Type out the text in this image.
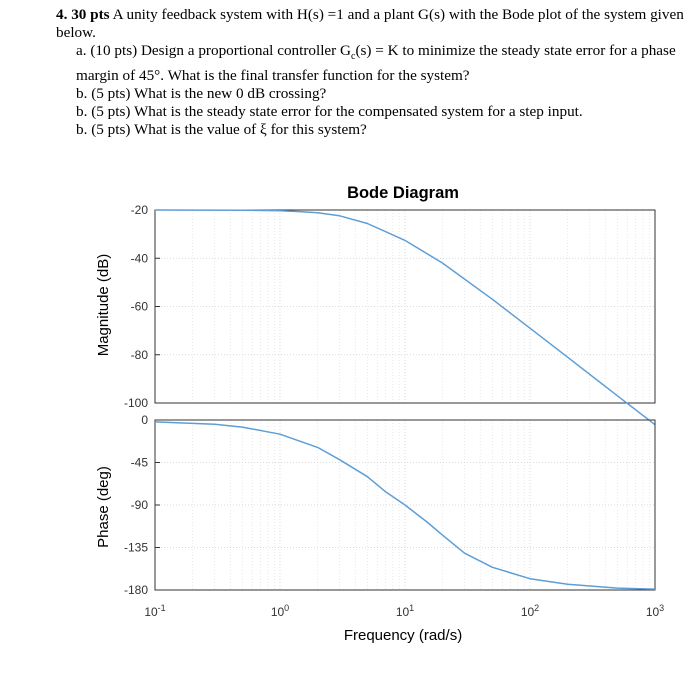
4. 30 pts A unity feedback system with H(s) =1 and a plant G(s) with the Bode plot of the system given below.

a. (10 pts) Design a proportional controller $G_c(s) = K$ to minimize the steady state error for a phase margin of 45°. What is the final transfer function for the system?

b. (5 pts) What is the new 0 dB crossing?

b. (5 pts) What is the steady state error for the compensated system for a step input.

b. (5 pts) What is the value of ξ for this system?

Bode Diagram
Magnitude (dB)
Phase (deg)
Frequency (rad/s)
-20
-40
-60
-80
-100
0
-45
-90
-135
-180
$10^{-1}$	$10^0$	$10^1$	$10^2$	$10^3$
